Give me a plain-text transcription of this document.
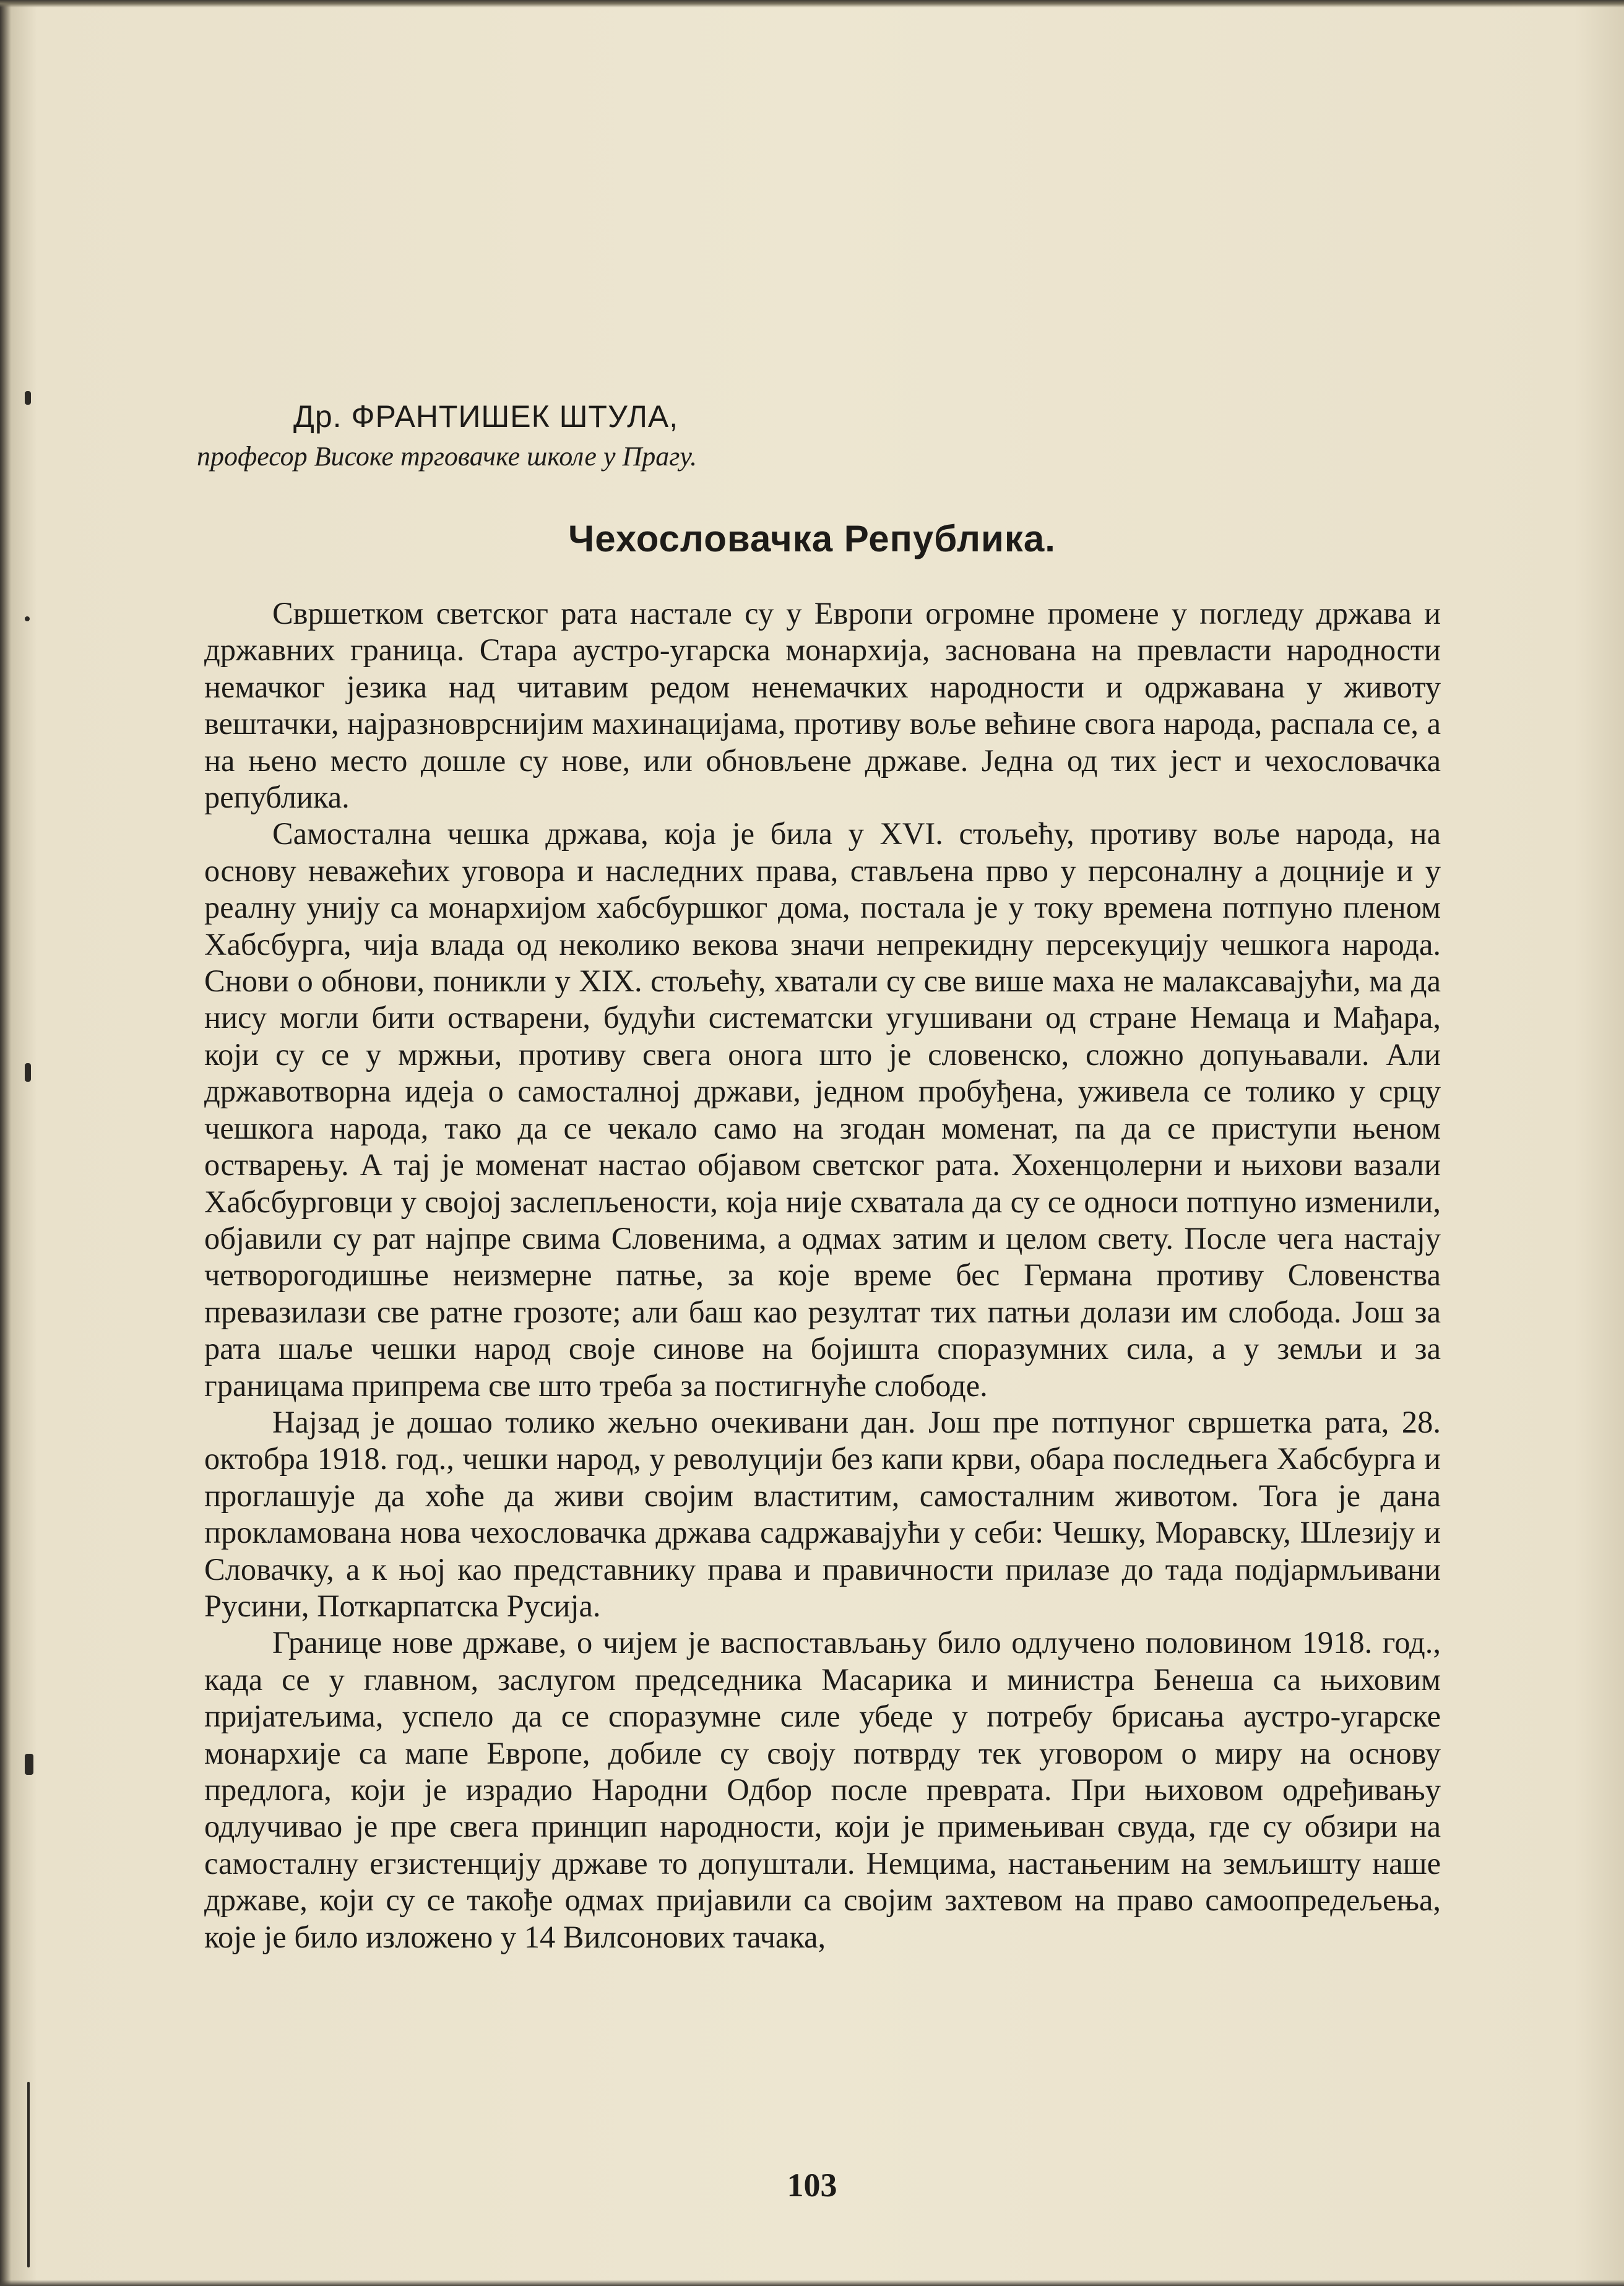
Др. ФРАНТИШЕК ШТУЛА,
професор Високе трговачке школе у Прагу.
Чехословачка Република.

Свршетком светског рата настале су у Европи огромне промене у погледу држава и државних граница. Стара аустро-угарска монархија, заснована на превласти народности немачког језика над читавим редом ненемачких народности и одржавана у животу вештачки, најразноврснијим махинацијама, противу воље већине свога народа, распала се, а на њено место дошле су нове, или обновљене државе. Једна од тих јест и чехословачка република.

Самостална чешка држава, која је била у XVI. стољећу, противу воље народа, на основу неважећих уговора и наследних права, стављена прво у персоналну а доцније и у реалну унију са монархијом хабсбуршког дома, постала је у току времена потпуно пленом Хабсбурга, чија влада од неколико векова значи непрекидну персекуцију чешкога народа. Снови о обнови, поникли у XIX. стољећу, хватали су све више маха не малаксавајући, ма да нису могли бити остварени, будући систематски угушивани од стране Немаца и Мађара, који су се у мржњи, противу свега онога што је словенско, сложно допуњавали. Али државотворна идеја о самосталној држави, једном пробуђена, уживела се толико у срцу чешкога народа, тако да се чекало само на згодан моменат, па да се приступи њеном остварењу. А тај је моменат настао објавом светског рата. Хохенцолерни и њихови вазали Хабсбурговци у својој заслепљености, која није схватала да су се односи потпуно изменили, објавили су рат најпре свима Словенима, а одмах затим и целом свету. После чега настају четворогодишње неизмерне патње, за које време бес Германа противу Словенства превазилази све ратне грозоте; али баш као резултат тих патњи долази им слобода. Још за рата шаље чешки народ своје синове на бојишта споразумних сила, а у земљи и за границама припрема све што треба за постигнуће слободе.

Најзад је дошао толико жељно очекивани дан. Још пре потпуног свршетка рата, 28. октобра 1918. год., чешки народ, у револуцији без капи крви, обара последњега Хабсбурга и проглашује да хоће да живи својим властитим, самосталним животом. Тога је дана прокламована нова чехословачка држава садржавајући у себи: Чешку, Моравску, Шлезију и Словачку, а к њој као представнику права и правичности прилазе до тада подјармљивани Русини, Поткарпатска Русија.

Границе нове државе, о чијем је васпостављању било одлучено половином 1918. год., када се у главном, заслугом председника Масарика и министра Бенеша са њиховим пријатељима, успело да се споразумне силе убеде у потребу брисања аустро-угарске монархије са мапе Европе, добиле су своју потврду тек уговором о миру на основу предлога, који је израдио Народни Одбор после преврата. При њиховом одређивању одлучивао је пре свега принцип народности, који је примењиван свуда, где су обзири на самосталну егзистенцију државе то допуштали. Немцима, настањеним на земљишту наше државе, који су се такође одмах пријавили са својим захтевом на право самоопредељења, које је било изложено у 14 Вилсонових тачака,

103
